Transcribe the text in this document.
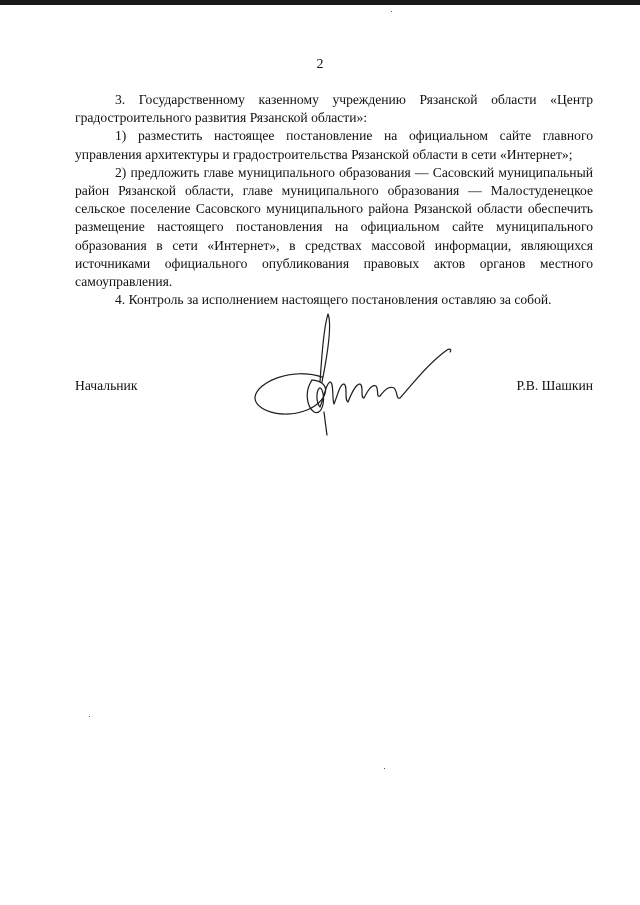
2

3. Государственному казенному учреждению Рязанской области «Центр градостроительного развития Рязанской области»:

1) разместить настоящее постановление на официальном сайте главного управления архитектуры и градостроительства Рязанской области в сети «Интернет»;

2) предложить главе муниципального образования — Сасовский муниципальный район Рязанской области, главе муниципального образования — Малостуденецкое сельское поселение Сасовского муниципального района Рязанской области обеспечить размещение настоящего постановления на официальном сайте муниципального образования в сети «Интернет», в средствах массовой информации, являющихся источниками официального опубликования правовых актов органов местного самоуправления.

4. Контроль за исполнением настоящего постановления оставляю за собой.

Начальник	Р.В. Шашкин
